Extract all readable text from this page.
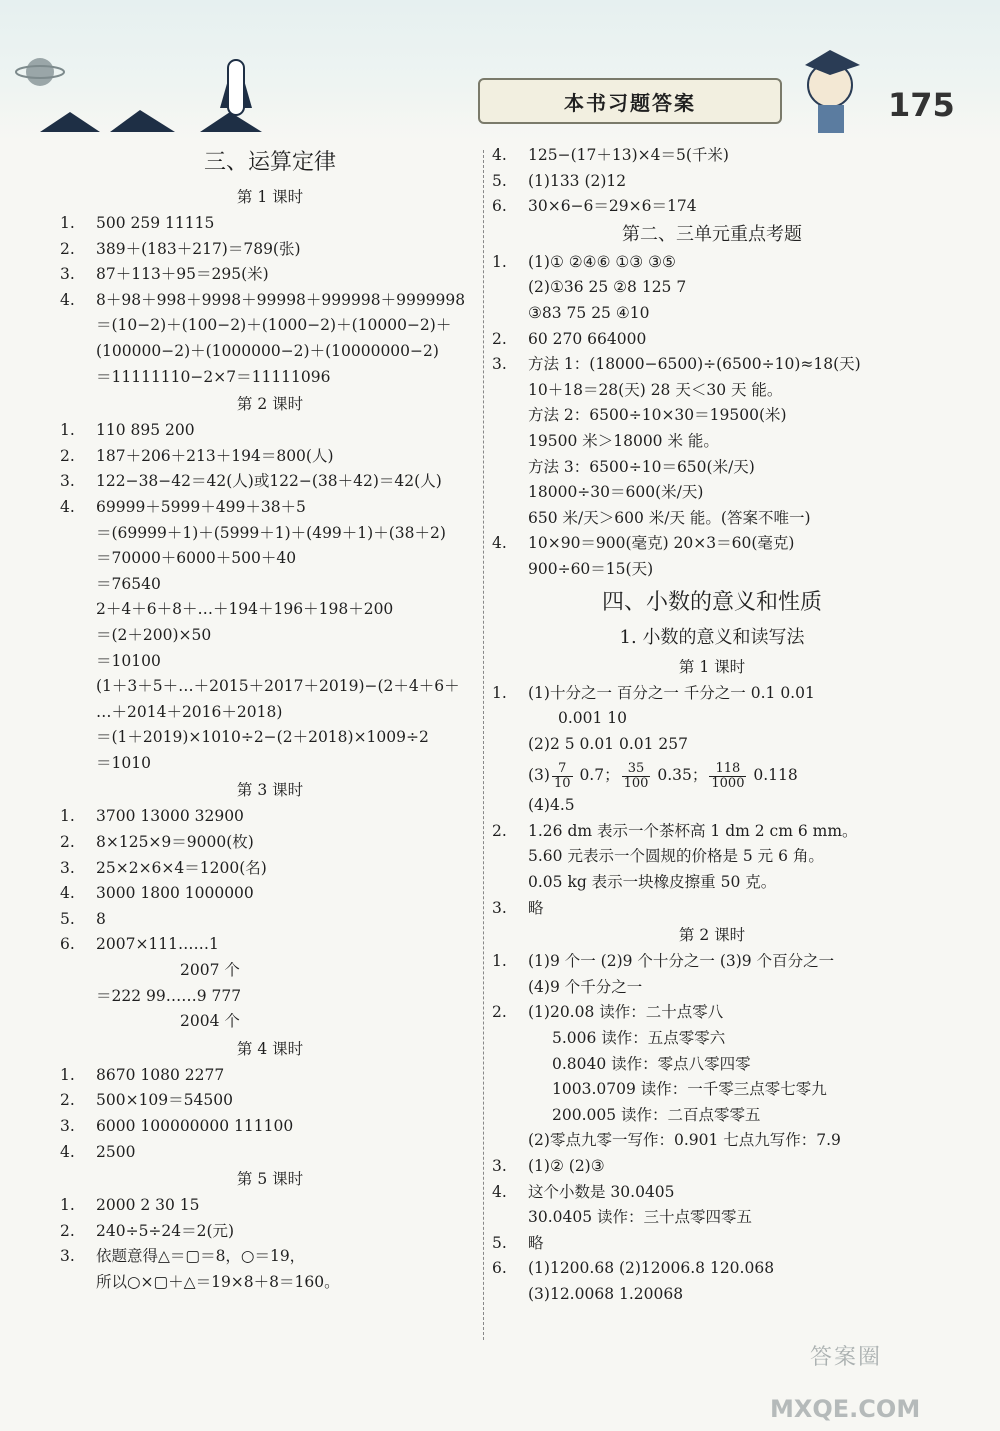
本书习题答案	175
三、运算定律
第 1 课时
1. 500 259 11115
2. 389＋(183＋217)＝789(张)
3. 87＋113＋95＝295(米)
4. 8＋98＋998＋9998＋99998＋999998＋9999998
＝(10−2)＋(100−2)＋(1000−2)＋(10000−2)＋
(100000−2)＋(1000000−2)＋(10000000−2)
＝11111110−2×7＝11111096
第 2 课时
1. 110 895 200
2. 187＋206＋213＋194＝800(人)
3. 122−38−42＝42(人)或122−(38＋42)＝42(人)
4. 69999＋5999＋499＋38＋5
＝(69999＋1)＋(5999＋1)＋(499＋1)＋(38＋2)
＝70000＋6000＋500＋40
＝76540
2＋4＋6＋8＋…＋194＋196＋198＋200
＝(2＋200)×50
＝10100
(1＋3＋5＋…＋2015＋2017＋2019)−(2＋4＋6＋
…＋2014＋2016＋2018)
＝(1＋2019)×1010÷2−(2＋2018)×1009÷2
＝1010
第 3 课时
1. 3700 13000 32900
2. 8×125×9＝9000(枚)
3. 25×2×6×4＝1200(名)
4. 3000 1800 1000000
5. 8
6. 2007×111……1
2007 个
＝222 99……9 777
2004 个
第 4 课时
1. 8670 1080 2277
2. 500×109＝54500
3. 6000 100000000 111100
4. 2500
第 5 课时
1. 2000 2 30 15
2. 240÷5÷24＝2(元)
3. 依题意得△＝▢＝8，○＝19，
所以○×▢＋△＝19×8＋8＝160。
4. 125−(17＋13)×4＝5(千米)
5. (1)133 (2)12
6. 30×6−6＝29×6＝174
第二、三单元重点考题
1. (1)① ②④⑥ ①③ ③⑤
(2)①36 25 ②8 125 7
③83 75 25 ④10
2. 60 270 664000
3. 方法 1：(18000−6500)÷(6500÷10)≈18(天)
10＋18＝28(天) 28 天＜30 天 能。
方法 2：6500÷10×30＝19500(米)
19500 米＞18000 米 能。
方法 3：6500÷10＝650(米/天)
18000÷30＝600(米/天)
650 米/天＞600 米/天 能。(答案不唯一)
4. 10×90＝900(毫克) 20×3＝60(毫克)
900÷60＝15(天)
四、小数的意义和性质
1. 小数的意义和读写法
第 1 课时
1. (1)十分之一 百分之一 千分之一 0.1 0.01
0.001 10
(2)2 5 0.01 0.01 257
$(3) \frac{7}{10} 0.7$； $\frac{35}{100} 0.35$； $\frac{118}{1000} 0.118$
(4)4.5
2. 1.26 dm 表示一个茶杯高 1 dm 2 cm 6 mm。
5.60 元表示一个圆规的价格是 5 元 6 角。
0.05 kg 表示一块橡皮擦重 50 克。
3. 略
第 2 课时
1. (1)9 个一 (2)9 个十分之一 (3)9 个百分之一
(4)9 个千分之一
2. (1)20.08 读作：二十点零八
5.006 读作：五点零零六
0.8040 读作：零点八零四零
1003.0709 读作：一千零三点零七零九
200.005 读作：二百点零零五
(2)零点九零一写作：0.901 七点九写作：7.9
3. (1)② (2)③
4. 这个小数是 30.0405
30.0405 读作：三十点零四零五
5. 略
6. (1)1200.68 (2)12006.8 120.068
(3)12.0068 1.20068
答案圈
MXQE.COM
